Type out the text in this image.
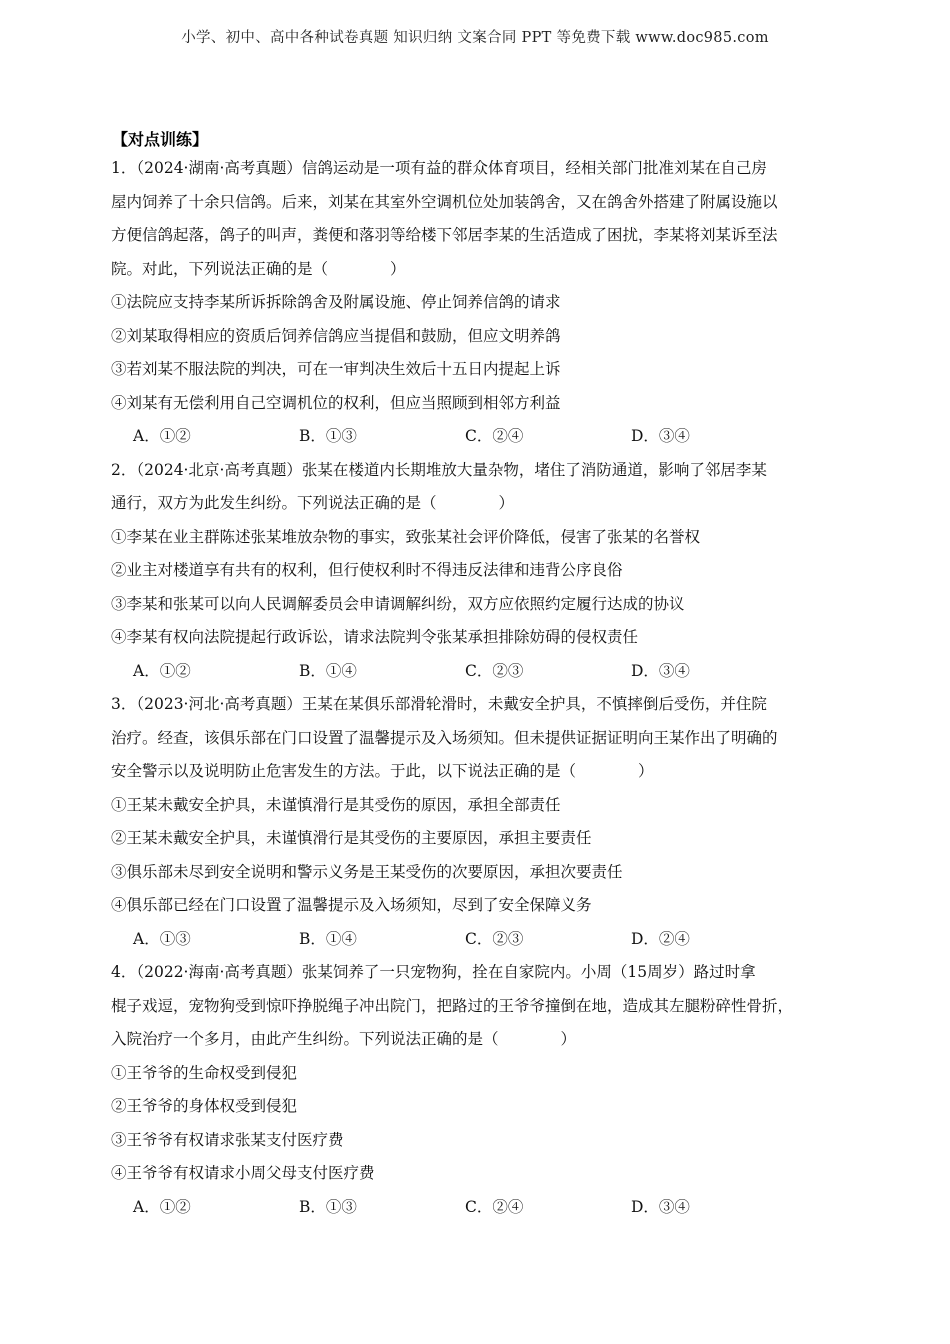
小学、初中、高中各种试卷真题 知识归纳 文案合同 PPT 等免费下载 www.doc985.com
【对点训练】
1．（2024·湖南·高考真题）信鸽运动是一项有益的群众体育项目，经相关部门批准刘某在自己房
屋内饲养了十余只信鸽。后来，刘某在其室外空调机位处加装鸽舍，又在鸽舍外搭建了附属设施以
方便信鸽起落，鸽子的叫声，粪便和落羽等给楼下邻居李某的生活造成了困扰，李某将刘某诉至法
院。对此，下列说法正确的是（　　　　）
①法院应支持李某所诉拆除鸽舍及附属设施、停止饲养信鸽的请求
②刘某取得相应的资质后饲养信鸽应当提倡和鼓励，但应文明养鸽
③若刘某不服法院的判决，可在一审判决生效后十五日内提起上诉
④刘某有无偿利用自己空调机位的权利，但应当照顾到相邻方利益
A．①②	B．①③	C．②④	D．③④
2．（2024·北京·高考真题）张某在楼道内长期堆放大量杂物，堵住了消防通道，影响了邻居李某
通行，双方为此发生纠纷。下列说法正确的是（　　　　）
①李某在业主群陈述张某堆放杂物的事实，致张某社会评价降低，侵害了张某的名誉权
②业主对楼道享有共有的权利，但行使权利时不得违反法律和违背公序良俗
③李某和张某可以向人民调解委员会申请调解纠纷，双方应依照约定履行达成的协议
④李某有权向法院提起行政诉讼，请求法院判令张某承担排除妨碍的侵权责任
A．①②	B．①④	C．②③	D．③④
3．（2023·河北·高考真题）王某在某俱乐部滑轮滑时，未戴安全护具，不慎摔倒后受伤，并住院
治疗。经查，该俱乐部在门口设置了温馨提示及入场须知。但未提供证据证明向王某作出了明确的
安全警示以及说明防止危害发生的方法。于此，以下说法正确的是（　　　　）
①王某未戴安全护具，未谨慎滑行是其受伤的原因，承担全部责任
②王某未戴安全护具，未谨慎滑行是其受伤的主要原因，承担主要责任
③俱乐部未尽到安全说明和警示义务是王某受伤的次要原因，承担次要责任
④俱乐部已经在门口设置了温馨提示及入场须知，尽到了安全保障义务
A．①③	B．①④	C．②③	D．②④
4．（2022·海南·高考真题）张某饲养了一只宠物狗，拴在自家院内。小周（15周岁）路过时拿
棍子戏逗，宠物狗受到惊吓挣脱绳子冲出院门，把路过的王爷爷撞倒在地，造成其左腿粉碎性骨折，
入院治疗一个多月，由此产生纠纷。下列说法正确的是（　　　　）
①王爷爷的生命权受到侵犯
②王爷爷的身体权受到侵犯
③王爷爷有权请求张某支付医疗费
④王爷爷有权请求小周父母支付医疗费
A．①②	B．①③	C．②④	D．③④
